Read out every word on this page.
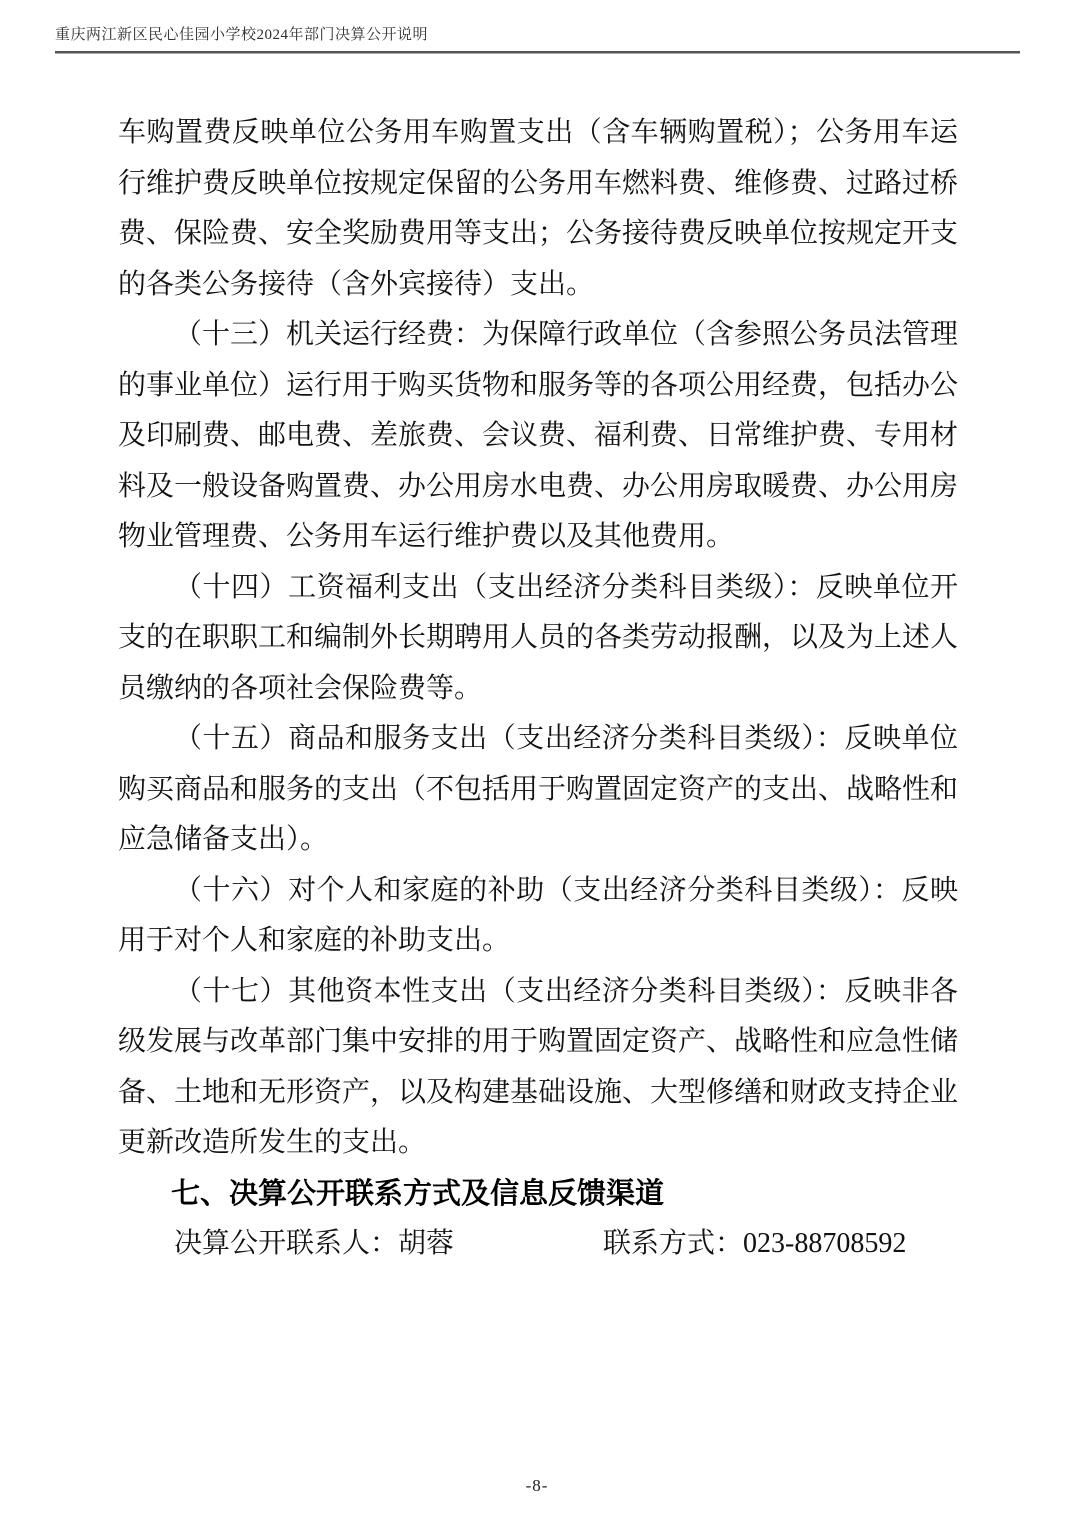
重庆两江新区民心佳园小学校2024年部门决算公开说明

车购置费反映单位公务用车购置支出（含车辆购置税）；公务用车运行维护费反映单位按规定保留的公务用车燃料费、维修费、过路过桥费、保险费、安全奖励费用等支出；公务接待费反映单位按规定开支的各类公务接待（含外宾接待）支出。

（十三）机关运行经费：为保障行政单位（含参照公务员法管理的事业单位）运行用于购买货物和服务等的各项公用经费，包括办公及印刷费、邮电费、差旅费、会议费、福利费、日常维护费、专用材料及一般设备购置费、办公用房水电费、办公用房取暖费、办公用房物业管理费、公务用车运行维护费以及其他费用。

（十四）工资福利支出（支出经济分类科目类级）：反映单位开支的在职职工和编制外长期聘用人员的各类劳动报酬，以及为上述人员缴纳的各项社会保险费等。

（十五）商品和服务支出（支出经济分类科目类级）：反映单位购买商品和服务的支出（不包括用于购置固定资产的支出、战略性和应急储备支出）。

（十六）对个人和家庭的补助（支出经济分类科目类级）：反映用于对个人和家庭的补助支出。

（十七）其他资本性支出（支出经济分类科目类级）：反映非各级发展与改革部门集中安排的用于购置固定资产、战略性和应急性储备、土地和无形资产，以及构建基础设施、大型修缮和财政支持企业更新改造所发生的支出。

七、决算公开联系方式及信息反馈渠道

决算公开联系人：胡蓉	联系方式：023-88708592

-8-
